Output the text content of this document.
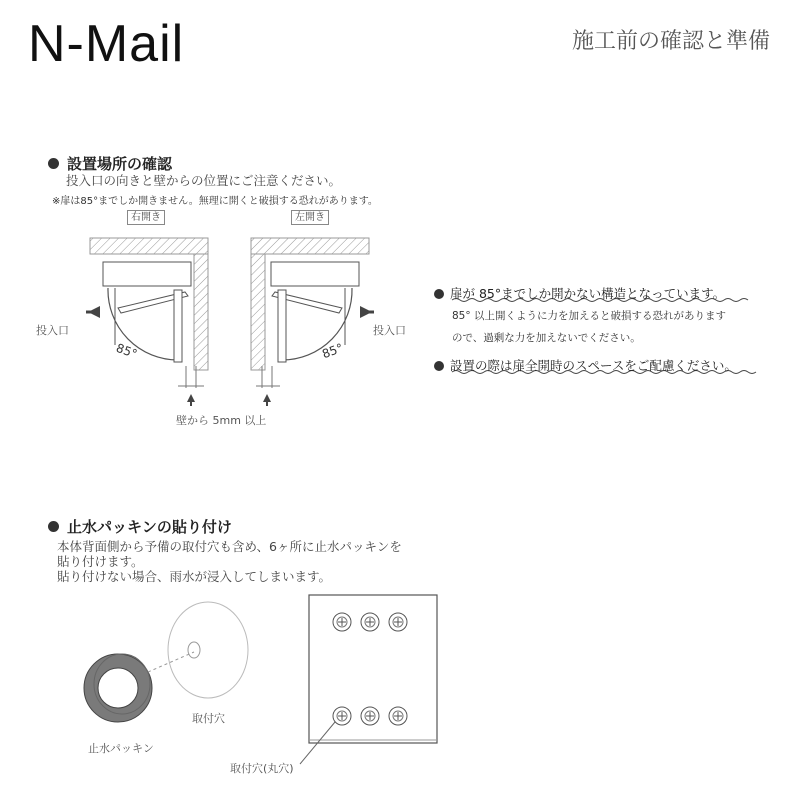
N-Mail	施工前の確認と準備
設置場所の確認
投入口の向きと壁からの位置にご注意ください。
※扉は85°までしか開きません。無理に開くと破損する恐れがあります。
右開き	左開き
投入口	投入口
85°	85°
壁から 5mm 以上
扉が 85°までしか開かない構造となっています。
85° 以上開くように力を加えると破損する恐れがあります
ので、過剰な力を加えないでください。
設置の際は扉全開時のスペースをご配慮ください。
止水パッキンの貼り付け
本体背面側から予備の取付穴も含め、6ヶ所に止水パッキンを
貼り付けます。
貼り付けない場合、雨水が浸入してしまいます。
取付穴
止水パッキン
取付穴(丸穴)
